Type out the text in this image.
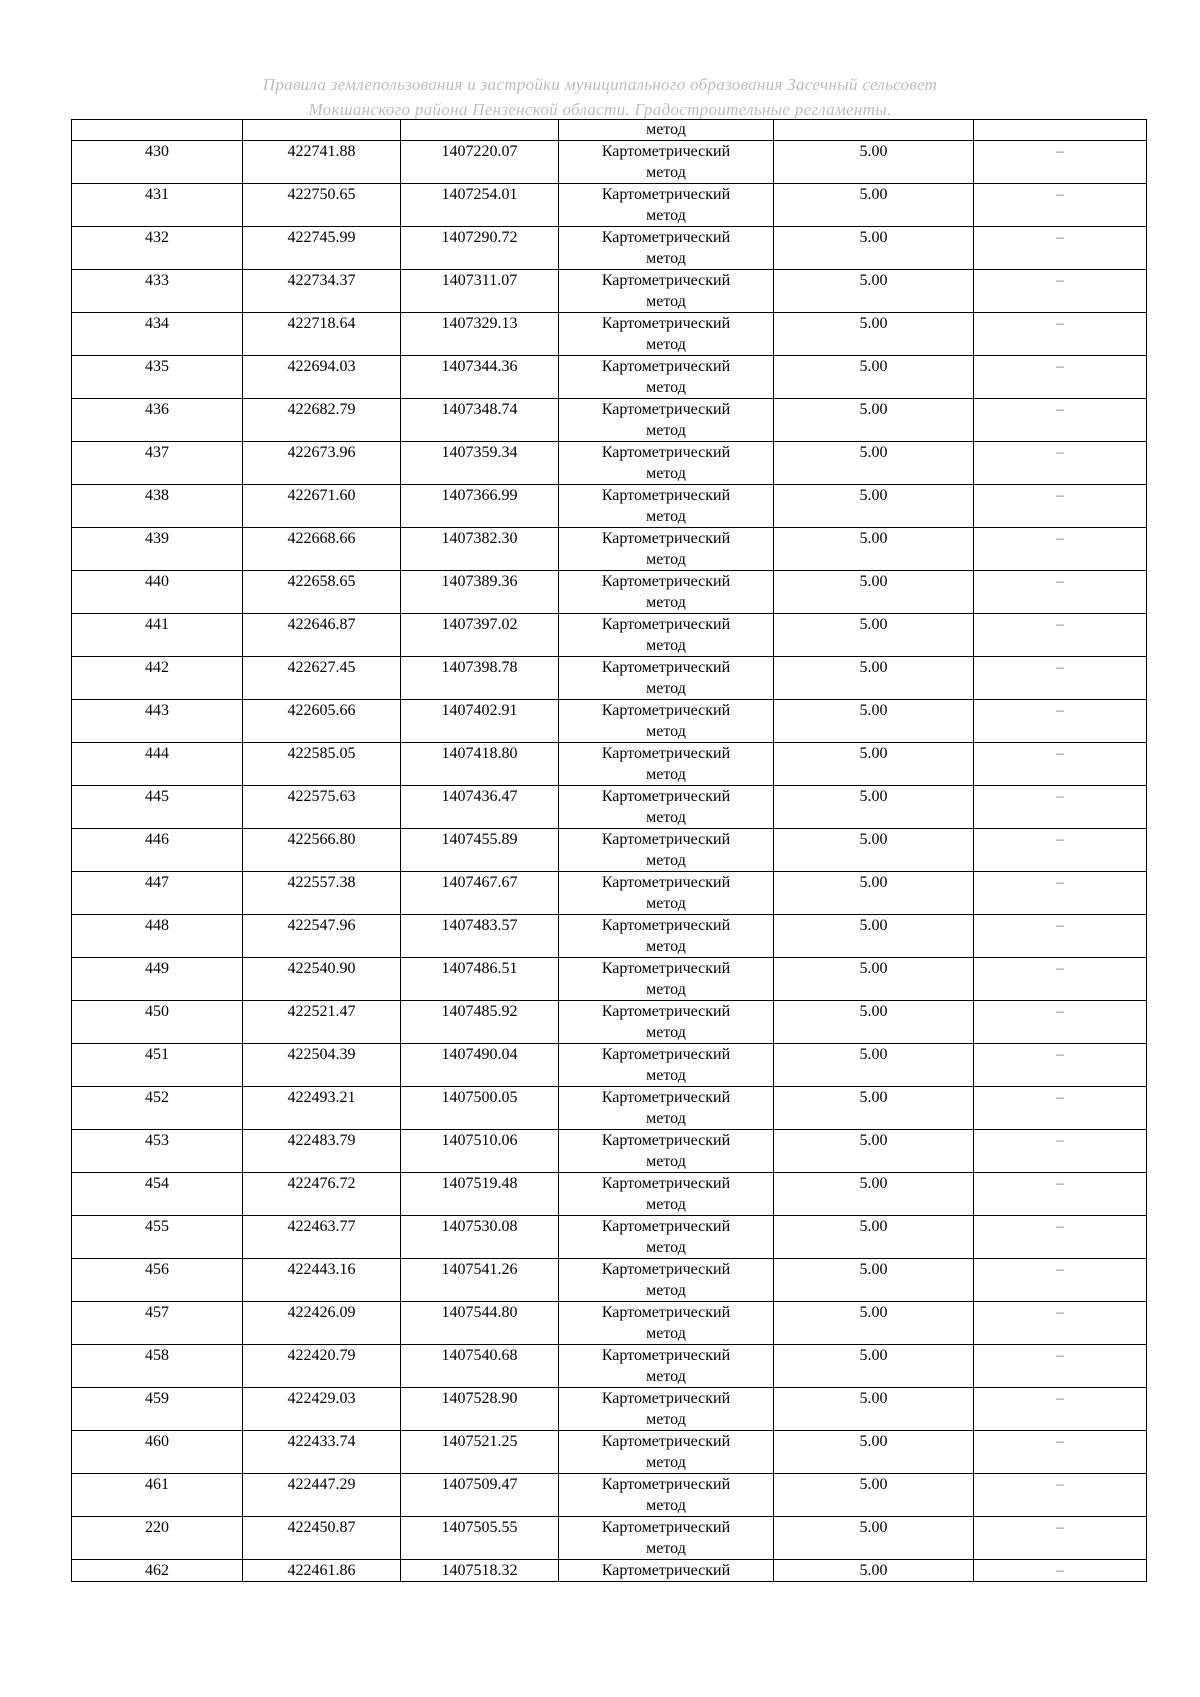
Правила землепользования и застройки муниципального образования Засечный сельсовет
Мокшанского района Пензенской области. Градостроительные регламенты.
			метод		
430	422741.88	1407220.07	Картометрический
метод	5.00	–
431	422750.65	1407254.01	Картометрический
метод	5.00	–
432	422745.99	1407290.72	Картометрический
метод	5.00	–
433	422734.37	1407311.07	Картометрический
метод	5.00	–
434	422718.64	1407329.13	Картометрический
метод	5.00	–
435	422694.03	1407344.36	Картометрический
метод	5.00	–
436	422682.79	1407348.74	Картометрический
метод	5.00	–
437	422673.96	1407359.34	Картометрический
метод	5.00	–
438	422671.60	1407366.99	Картометрический
метод	5.00	–
439	422668.66	1407382.30	Картометрический
метод	5.00	–
440	422658.65	1407389.36	Картометрический
метод	5.00	–
441	422646.87	1407397.02	Картометрический
метод	5.00	–
442	422627.45	1407398.78	Картометрический
метод	5.00	–
443	422605.66	1407402.91	Картометрический
метод	5.00	–
444	422585.05	1407418.80	Картометрический
метод	5.00	–
445	422575.63	1407436.47	Картометрический
метод	5.00	–
446	422566.80	1407455.89	Картометрический
метод	5.00	–
447	422557.38	1407467.67	Картометрический
метод	5.00	–
448	422547.96	1407483.57	Картометрический
метод	5.00	–
449	422540.90	1407486.51	Картометрический
метод	5.00	–
450	422521.47	1407485.92	Картометрический
метод	5.00	–
451	422504.39	1407490.04	Картометрический
метод	5.00	–
452	422493.21	1407500.05	Картометрический
метод	5.00	–
453	422483.79	1407510.06	Картометрический
метод	5.00	–
454	422476.72	1407519.48	Картометрический
метод	5.00	–
455	422463.77	1407530.08	Картометрический
метод	5.00	–
456	422443.16	1407541.26	Картометрический
метод	5.00	–
457	422426.09	1407544.80	Картометрический
метод	5.00	–
458	422420.79	1407540.68	Картометрический
метод	5.00	–
459	422429.03	1407528.90	Картометрический
метод	5.00	–
460	422433.74	1407521.25	Картометрический
метод	5.00	–
461	422447.29	1407509.47	Картометрический
метод	5.00	–
220	422450.87	1407505.55	Картометрический
метод	5.00	–
462	422461.86	1407518.32	Картометрический	5.00	–
